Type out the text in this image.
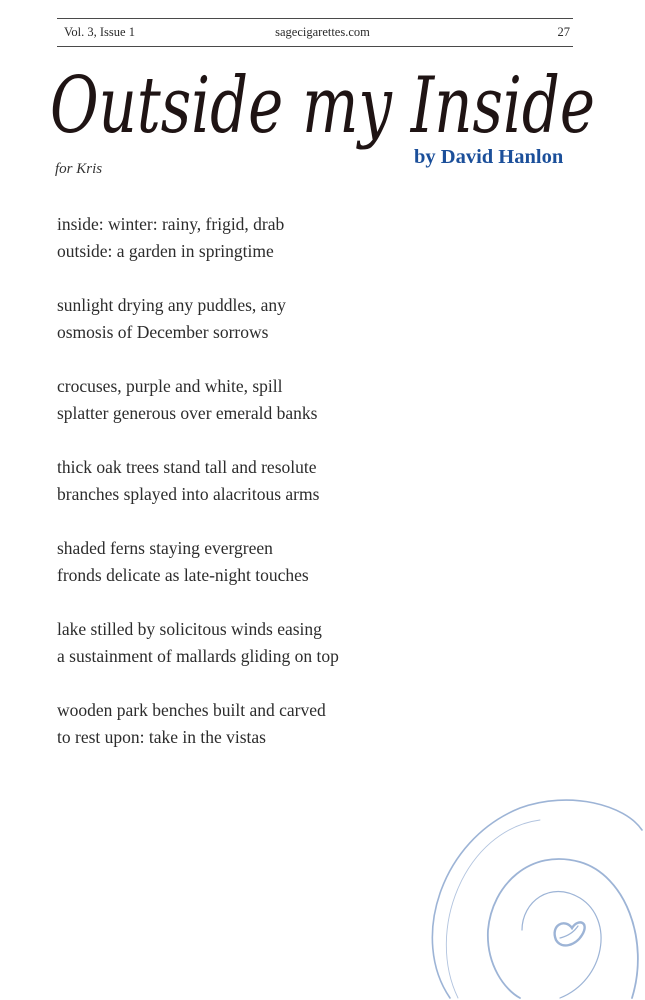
Vol. 3, Issue 1	sagecigarettes.com	27
Outside my Inside
by David Hanlon
for Kris
inside: winter: rainy, frigid, drab
outside: a garden in springtime
sunlight drying any puddles, any
osmosis of December sorrows
crocuses, purple and white, spill
splatter generous over emerald banks
thick oak trees stand tall and resolute
branches splayed into alacritous arms
shaded ferns staying evergreen
fronds delicate as late-night touches
lake stilled by solicitous winds easing
a sustainment of mallards gliding on top
wooden park benches built and carved
to rest upon: take in the vistas
